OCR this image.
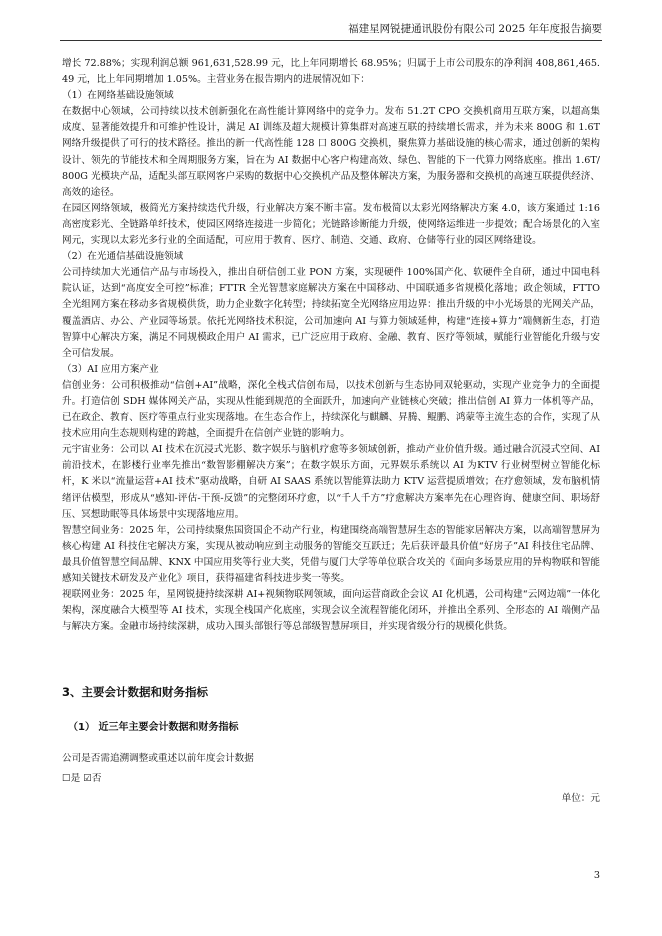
福建星网锐捷通讯股份有限公司 2025 年年度报告摘要

增长 72.88%；实现利润总额 961,631,528.99 元，比上年同期增长 68.95%；归属于上市公司股东的净利润 408,861,465.49 元，比上年同期增加 1.05%。主营业务在报告期内的进展情况如下：

（1）在网络基础设施领域

在数据中心领域，公司持续以技术创新强化在高性能计算网络中的竞争力。发布 51.2T CPO 交换机商用互联方案，以超高集成度、显著能效提升和可维护性设计，满足 AI 训练及超大规模计算集群对高速互联的持续增长需求，并为未来 800G 和 1.6T 网络升级提供了可行的技术路径。推出的新一代高性能 128 口 800G 交换机，聚焦算力基础设施的核心需求，通过创新的架构设计、领先的节能技术和全周期服务方案，旨在为 AI 数据中心客户构建高效、绿色、智能的下一代算力网络底座。推出 1.6T/800G 光模块产品，适配头部互联网客户采购的数据中心交换机产品及整体解决方案，为服务器和交换机的高速互联提供经济、高效的途径。

在园区网络领域，极简光方案持续迭代升级，行业解决方案不断丰富。发布极简以太彩光网络解决方案 4.0，该方案通过 1:16 高密度彩光、全链路单纤技术，使园区网络连接进一步简化；光链路诊断能力升级，使网络运维进一步提效；配合场景化的入室网元，实现以太彩光多行业的全面适配，可应用于教育、医疗、制造、交通、政府、仓储等行业的园区网络建设。

（2）在光通信基础设施领域

公司持续加大光通信产品与市场投入，推出自研信创工业 PON 方案，实现硬件 100%国产化、软硬件全自研，通过中国电科院认证，达到“高度安全可控”标准；FTTR 全光智慧家庭解决方案在中国移动、中国联通多省规模化落地；政企领域，FTTO 全光组网方案在移动多省规模供货，助力企业数字化转型；持续拓宽全光网络应用边界：推出升级的中小光场景的光网关产品，覆盖酒店、办公、产业园等场景。依托光网络技术积淀，公司加速向 AI 与算力领域延伸，构建“连接+算力”端侧新生态，打造智算中心解决方案，满足不同规模政企用户 AI 需求，已广泛应用于政府、金融、教育、医疗等领域，赋能行业智能化升级与安全可信发展。

（3）AI 应用方案产业

信创业务：公司积极推动“信创+AI”战略，深化全栈式信创布局，以技术创新与生态协同双轮驱动，实现产业竞争力的全面提升。打造信创 SDH 媒体网关产品，实现从性能到规范的全面跃升，加速向产业链核心突破；推出信创 AI 算力一体机等产品，已在政企、教育、医疗等重点行业实现落地。在生态合作上，持续深化与麒麟、昇腾、鲲鹏、鸿蒙等主流生态的合作，实现了从技术应用向生态规则构建的跨越，全面提升在信创产业链的影响力。

元宇宙业务：公司以 AI 技术在沉浸式光影、数字娱乐与脑机疗愈等多领域创新，推动产业价值升级。通过融合沉浸式空间、AI 前沿技术，在影楼行业率先推出“数智影棚解决方案”；在数字娱乐方面，元界娱乐系统以 AI 为KTV 行业树型树立智能化标杆，K 米以“流量运营+AI 技术”驱动战略，自研 AI SAAS 系统以智能算法助力 KTV 运营提质增效；在疗愈领域，发布脑机情绪评估模型，形成从“感知-评估-干预-反馈”的完整闭环疗愈，以“千人千方”疗愈解决方案率先在心理咨询、健康空间、职场舒压、冥想助眠等具体场景中实现落地应用。

智慧空间业务：2025 年，公司持续聚焦国资国企不动产行业，构建围绕高端智慧屏生态的智能家居解决方案，以高端智慧屏为核心构建 AI 科技住宅解决方案，实现从被动响应到主动服务的智能交互跃迁；先后获评最具价值“好房子”AI 科技住宅品牌、最具价值智慧空间品牌、KNX 中国应用奖等行业大奖，凭借与厦门大学等单位联合攻关的《面向多场景应用的异构物联和智能感知关键技术研发及产业化》项目，获得福建省科技进步奖一等奖。

视联网业务：2025 年，星网锐捷持续深耕 AI+视频物联网领域，面向运营商政企会议 AI 化机遇，公司构建“云网边端”一体化架构，深度融合大模型等 AI 技术，实现全栈国产化底座，实现会议全流程智能化闭环，并推出全系列、全形态的 AI 端侧产品与解决方案。金融市场持续深耕，成功入围头部银行等总部级智慧屏项目，并实现省级分行的规模化供货。

3、主要会计数据和财务指标
（1） 近三年主要会计数据和财务指标
公司是否需追溯调整或重述以前年度会计数据
☐是 ☑否
单位：元
3
